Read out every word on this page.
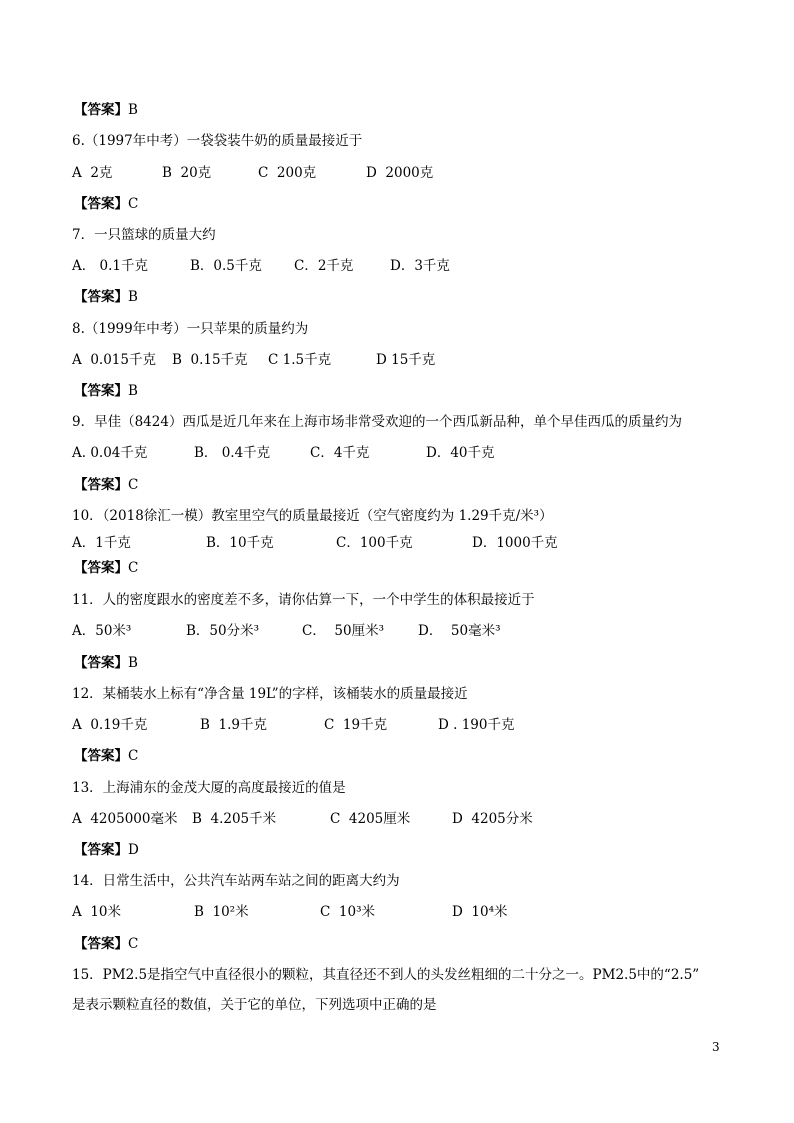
【答案】B
6.（1997年中考）一袋袋装牛奶的质量最接近于
A  2克	B  20克	C  200克	D  2000克
【答案】C
7．一只篮球的质量大约
A． 0.1千克	B．0.5千克	C．2千克	D．3千克
【答案】B
8.（1999年中考）一只苹果的质量约为
A  0.015千克	B  0.15千克	C 1.5千克	D 15千克
【答案】B
9．早佳（8424）西瓜是近几年来在上海市场非常受欢迎的一个西瓜新品种，单个早佳西瓜的质量约为
A. 0.04千克	B． 0.4千克	C．4千克	D．40千克
【答案】C
10．（2018徐汇一模）教室里空气的质量最接近（空气密度约为 1.29千克/米³）
A．1千克	B．10千克	C．100千克	D．1000千克
【答案】C
11．人的密度跟水的密度差不多，请你估算一下，一个中学生的体积最接近于
A．50米³	B．50分米³	C．  50厘米³	D．  50毫米³
【答案】B
12．某桶装水上标有“净含量 19L”的字样，该桶装水的质量最接近
A  0.19千克	B  1.9千克	C  19千克	D . 190千克
【答案】C
13．上海浦东的金茂大厦的高度最接近的值是
A  4205000毫米	B  4.205千米	C  4205厘米	D  4205分米
【答案】D
14．日常生活中，公共汽车站两车站之间的距离大约为
A  10米	B  10²米	C  10³米	D  10⁴米
【答案】C
15．PM2.5是指空气中直径很小的颗粒，其直径还不到人的头发丝粗细的二十分之一。PM2.5中的“2.5”
是表示颗粒直径的数值，关于它的单位，下列选项中正确的是
3
